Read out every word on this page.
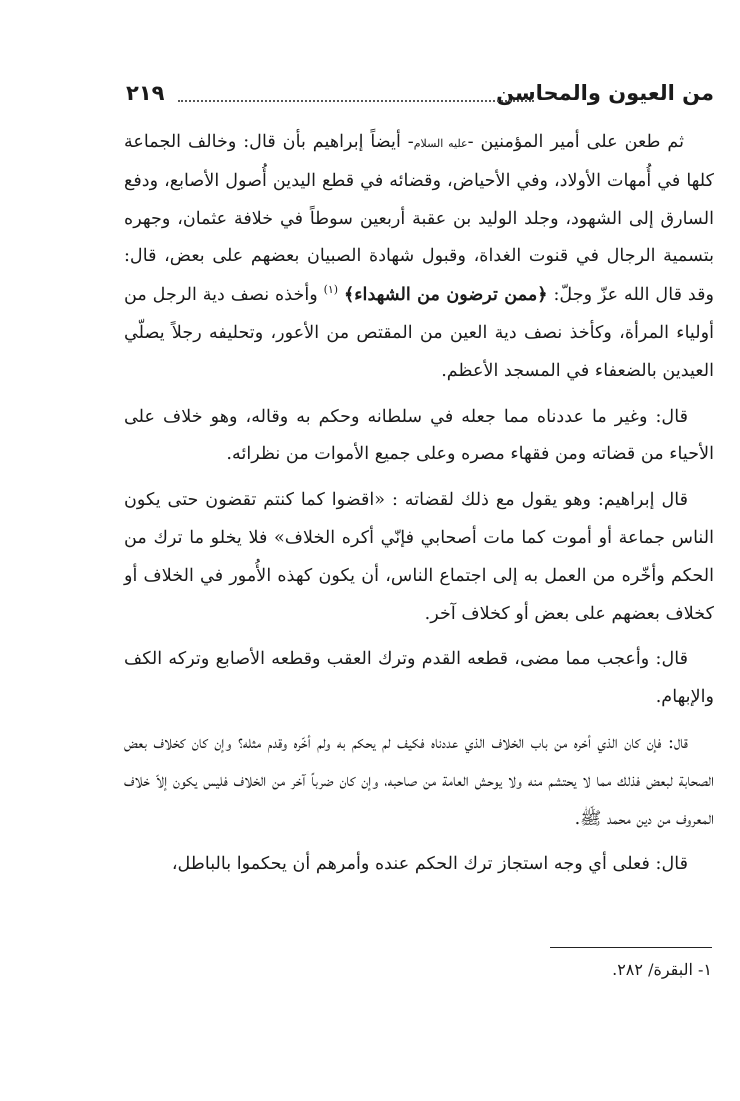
من العيون والمحاسن
٢١٩

ثم طعن على أمير المؤمنين -عليه السلام- أيضاً إبراهيم بأن قال: وخالف الجماعة كلها في أُمهات الأولاد، وفي الأحياض، وقضائه في قطع اليدين أُصول الأصابع، ودفع السارق إلى الشهود، وجلد الوليد بن عقبة أربعين سوطاً في خلافة عثمان، وجهره بتسمية الرجال في قنوت الغداة، وقبول شهادة الصبيان بعضهم على بعض، قال: وقد قال الله عزّ وجلّ: ﴿ممن ترضون من الشهداء﴾ $^{(١)}$ وأخذه نصف دية الرجل من أولياء المرأة، وكأخذ نصف دية العين من المقتص من الأعور، وتحليفه رجلاً يصلّي العيدين بالضعفاء في المسجد الأعظم.

قال: وغير ما عددناه مما جعله في سلطانه وحكم به وقاله، وهو خلاف على الأحياء من قضاته ومن فقهاء مصره وعلى جميع الأموات من نظرائه.

قال إبراهيم: وهو يقول مع ذلك لقضاته : «اقضوا كما كنتم تقضون حتى يكون الناس جماعة أو أموت كما مات أصحابي فإنّي أكره الخلاف» فلا يخلو ما ترك من الحكم وأخّره من العمل به إلى اجتماع الناس، أن يكون كهذه الأُمور في الخلاف أو كخلاف بعضهم على بعض أو كخلاف آخر.

قال: وأعجب مما مضى، قطعه القدم وترك العقب وقطعه الأصابع وتركه الكف والإبهام.

قال: فإن كان الذي أخره من باب الخلاف الذي عددناه فكيف لم يحكم به ولم أخّره وقدم مثله؟ وإن كان كخلاف بعض الصحابة لبعض فذلك مما لا يحتشم منه ولا يوحش العامة من صاحبه، وإن كان ضرباً آخر من الخلاف فليس يكون إلاّ خلاف المعروف من دين محمد ﷺ.

قال: فعلى أي وجه استجاز ترك الحكم عنده وأمرهم أن يحكموا بالباطل،

١- البقرة/ ٢٨٢.
